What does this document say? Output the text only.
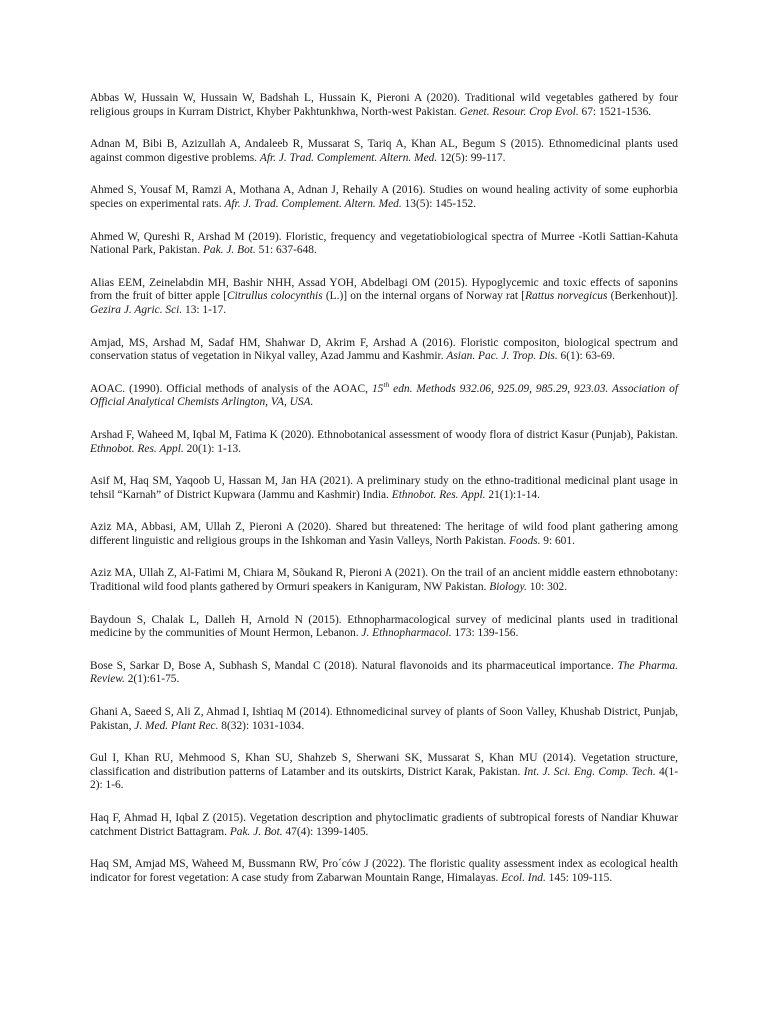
Abbas W, Hussain W, Hussain W, Badshah L, Hussain K, Pieroni A (2020). Traditional wild vegetables gathered by four religious groups in Kurram District, Khyber Pakhtunkhwa, North-west Pakistan. Genet. Resour. Crop Evol. 67: 1521-1536.

Adnan M, Bibi B, Azizullah A, Andaleeb R, Mussarat S, Tariq A, Khan AL, Begum S (2015). Ethnomedicinal plants used against common digestive problems. Afr. J. Trad. Complement. Altern. Med. 12(5): 99-117.

Ahmed S, Yousaf M, Ramzi A, Mothana A, Adnan J, Rehaily A (2016). Studies on wound healing activity of some euphorbia species on experimental rats. Afr. J. Trad. Complement. Altern. Med. 13(5): 145-152.

Ahmed W, Qureshi R, Arshad M (2019). Floristic, frequency and vegetatiobiological spectra of Murree -Kotli Sattian-Kahuta National Park, Pakistan. Pak. J. Bot. 51: 637-648.

Alias EEM, Zeinelabdin MH, Bashir NHH, Assad YOH, Abdelbagi OM (2015). Hypoglycemic and toxic effects of saponins from the fruit of bitter apple [Citrullus colocynthis (L.)] on the internal organs of Norway rat [Rattus norvegicus (Berkenhout)]. Gezira J. Agric. Sci. 13: 1-17.

Amjad, MS, Arshad M, Sadaf HM, Shahwar D, Akrim F, Arshad A (2016). Floristic compositon, biological spectrum and conservation status of vegetation in Nikyal valley, Azad Jammu and Kashmir. Asian. Pac. J. Trop. Dis. 6(1): 63-69.

AOAC. (1990). Official methods of analysis of the AOAC, 15th edn. Methods 932.06, 925.09, 985.29, 923.03. Association of Official Analytical Chemists Arlington, VA, USA.

Arshad F, Waheed M, Iqbal M, Fatima K (2020). Ethnobotanical assessment of woody flora of district Kasur (Punjab), Pakistan. Ethnobot. Res. Appl. 20(1): 1-13.

Asif M, Haq SM, Yaqoob U, Hassan M, Jan HA (2021). A preliminary study on the ethno-traditional medicinal plant usage in tehsil “Karnah” of District Kupwara (Jammu and Kashmir) India. Ethnobot. Res. Appl. 21(1):1-14.

Aziz MA, Abbasi, AM, Ullah Z, Pieroni A (2020). Shared but threatened: The heritage of wild food plant gathering among different linguistic and religious groups in the Ishkoman and Yasin Valleys, North Pakistan. Foods. 9: 601.

Aziz MA, Ullah Z, Al-Fatimi M, Chiara M, Sõukand R, Pieroni A (2021). On the trail of an ancient middle eastern ethnobotany: Traditional wild food plants gathered by Ormuri speakers in Kaniguram, NW Pakistan. Biology. 10: 302.

Baydoun S, Chalak L, Dalleh H, Arnold N (2015). Ethnopharmacological survey of medicinal plants used in traditional medicine by the communities of Mount Hermon, Lebanon. J. Ethnopharmacol. 173: 139-156.

Bose S, Sarkar D, Bose A, Subhash S, Mandal C (2018). Natural flavonoids and its pharmaceutical importance. The Pharma. Review. 2(1):61-75.

Ghani A, Saeed S, Ali Z, Ahmad I, Ishtiaq M (2014). Ethnomedicinal survey of plants of Soon Valley, Khushab District, Punjab, Pakistan, J. Med. Plant Rec. 8(32): 1031-1034.

Gul I, Khan RU, Mehmood S, Khan SU, Shahzeb S, Sherwani SK, Mussarat S, Khan MU (2014). Vegetation structure, classification and distribution patterns of Latamber and its outskirts, District Karak, Pakistan. Int. J. Sci. Eng. Comp. Tech. 4(1-2): 1-6.

Haq F, Ahmad H, Iqbal Z (2015). Vegetation description and phytoclimatic gradients of subtropical forests of Nandiar Khuwar catchment District Battagram. Pak. J. Bot. 47(4): 1399-1405.

Haq SM, Amjad MS, Waheed M, Bussmann RW, Pro´ców J (2022). The floristic quality assessment index as ecological health indicator for forest vegetation: A case study from Zabarwan Mountain Range, Himalayas. Ecol. Ind. 145: 109-115.
